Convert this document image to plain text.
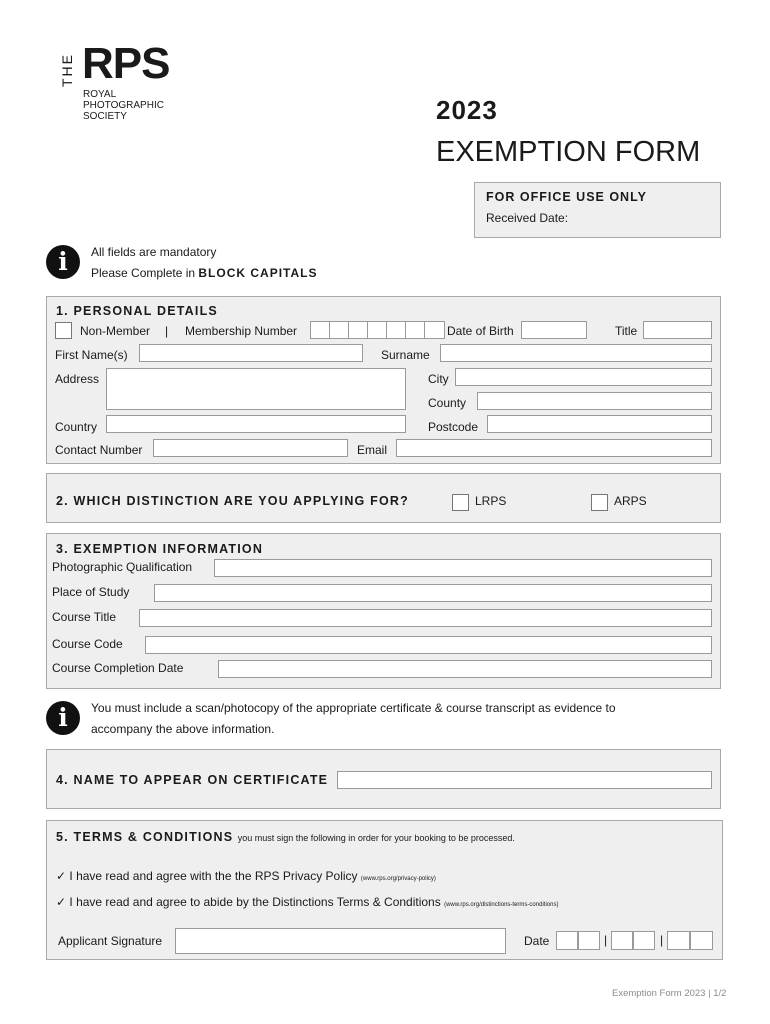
THE RPS
ROYAL
PHOTOGRAPHIC
SOCIETY	2023
EXEMPTION FORM
FOR OFFICE USE ONLY
Received Date:
i	All fields are mandatory
Please Complete in BLOCK CAPITALS
1. PERSONAL DETAILS
Non-Member | Membership Number	Date of Birth	Title
First Name(s)	Surname
Address	City
County
Country	Postcode
Contact Number	Email
2. WHICH DISTINCTION ARE YOU APPLYING FOR?	LRPS	ARPS
3. EXEMPTION INFORMATION
Photographic Qualification
Place of Study
Course Title
Course Code
Course Completion Date
i	You must include a scan/photocopy of the appropriate certificate & course transcript as evidence to
accompany the above information.
4. NAME TO APPEAR ON CERTIFICATE
5. TERMS & CONDITIONS you must sign the following in order for your booking to be processed.
✓ I have read and agree with the the RPS Privacy Policy (www.rps.org/privacy-policy)
✓ I have read and agree to abide by the Distinctions Terms & Conditions (www.rps.org/distinctions-terms-conditions)
Applicant Signature	Date	|	|
Exemption Form 2023 | 1/2
